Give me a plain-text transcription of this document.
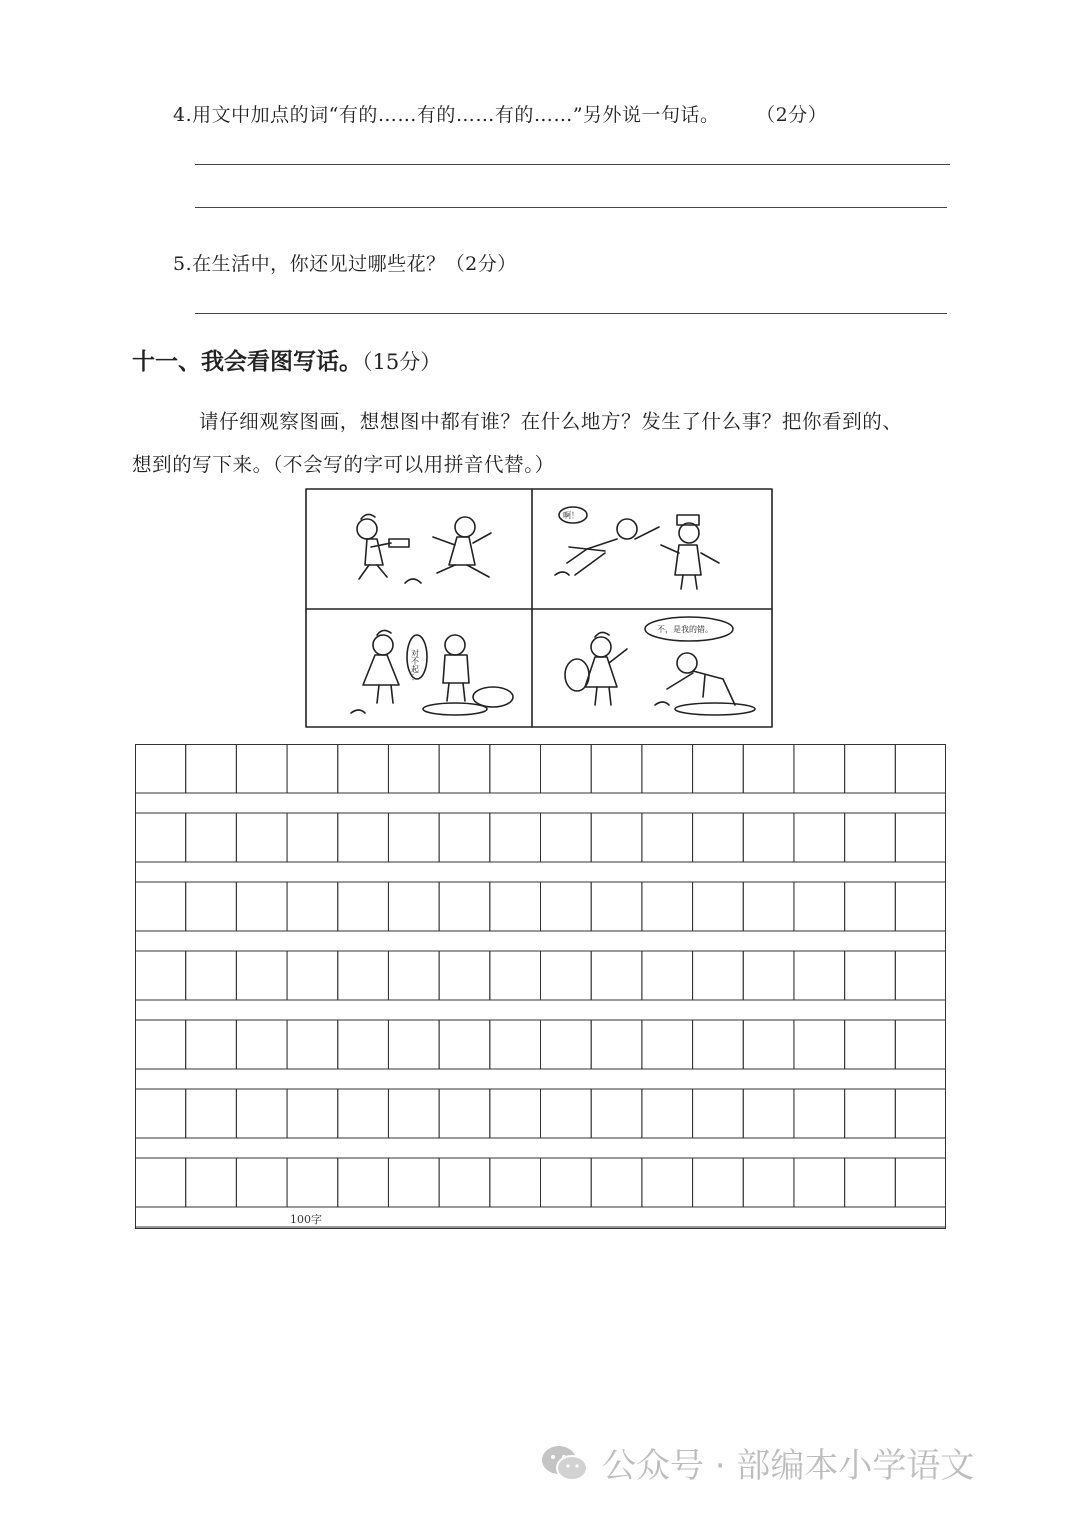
4.用文中加点的词“有的……有的……有的……”另外说一句话。 （2分）
5.在生活中，你还见过哪些花？（2分）
十一、我会看图写话。（15分）
请仔细观察图画，想想图中都有谁？在什么地方？发生了什么事？把你看到的、
想到的写下来。（不会写的字可以用拼音代替。）
啊！
对不起…
不，是我的错。
100字
公众号 · 部编本小学语文
